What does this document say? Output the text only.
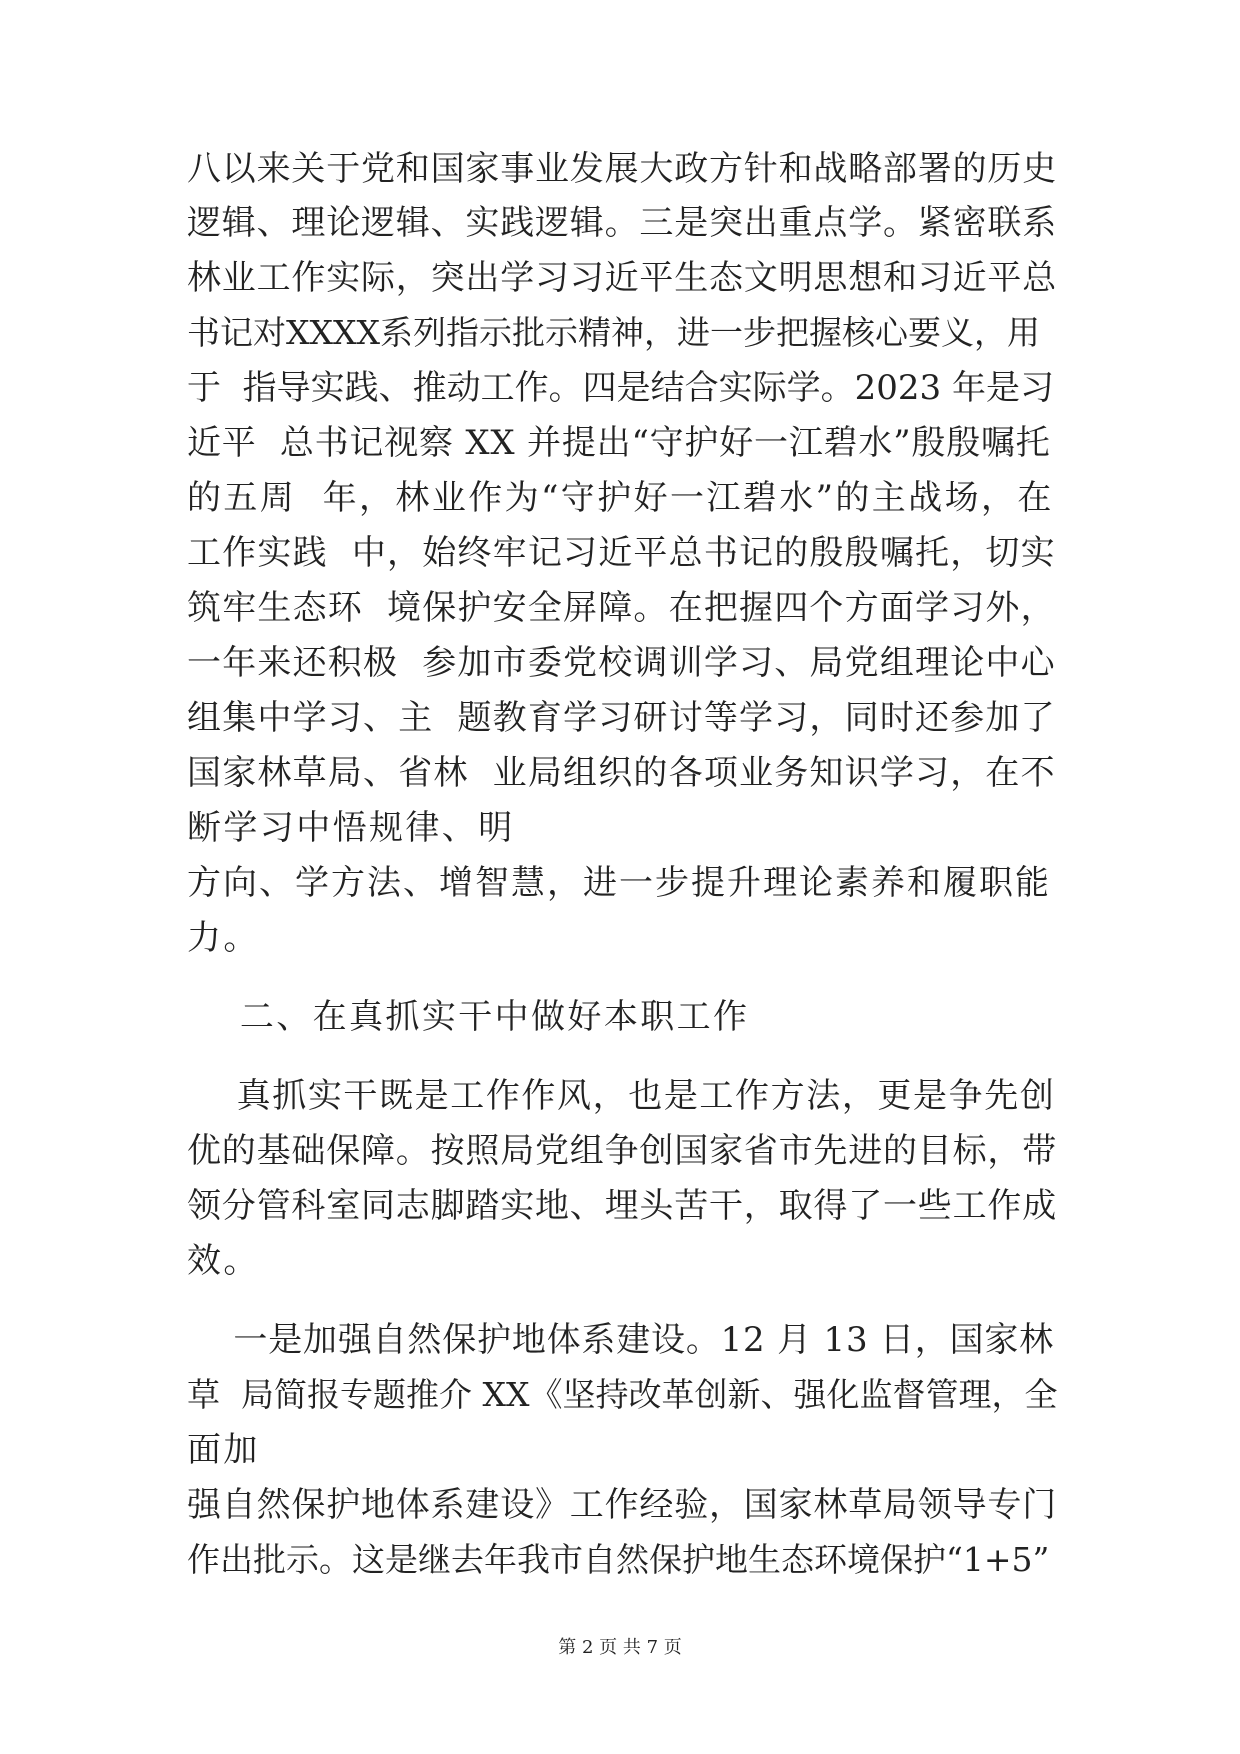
八以来关于党和国家事业发展大政方针和战略部署的历史
逻辑、理论逻辑、实践逻辑。三是突出重点学。紧密联系
林业工作实际，突出学习习近平生态文明思想和习近平总
书记对XXXX系列指示批示精神，进一步把握核心要义，用
于  指导实践、推动工作。四是结合实际学。2023 年是习
近平  总书记视察 XX 并提出“守护好一江碧水”殷殷嘱托
的五周  年，林业作为“守护好一江碧水”的主战场，在
工作实践  中，始终牢记习近平总书记的殷殷嘱托，切实
筑牢生态环  境保护安全屏障。在把握四个方面学习外，
一年来还积极  参加市委党校调训学习、局党组理论中心
组集中学习、主  题教育学习研讨等学习，同时还参加了
国家林草局、省林  业局组织的各项业务知识学习，在不
断学习中悟规律、明
方向、学方法、增智慧，进一步提升理论素养和履职能
力。
二、在真抓实干中做好本职工作
真抓实干既是工作作风，也是工作方法，更是争先创
优的基础保障。按照局党组争创国家省市先进的目标，带
领分管科室同志脚踏实地、埋头苦干，取得了一些工作成
效。
一是加强自然保护地体系建设。12 月 13 日，国家林
草  局简报专题推介 XX《坚持改革创新、强化监督管理，全
面加
强自然保护地体系建设》工作经验，国家林草局领导专门
作出批示。这是继去年我市自然保护地生态环境保护“1+5”
第 2 页 共 7 页
